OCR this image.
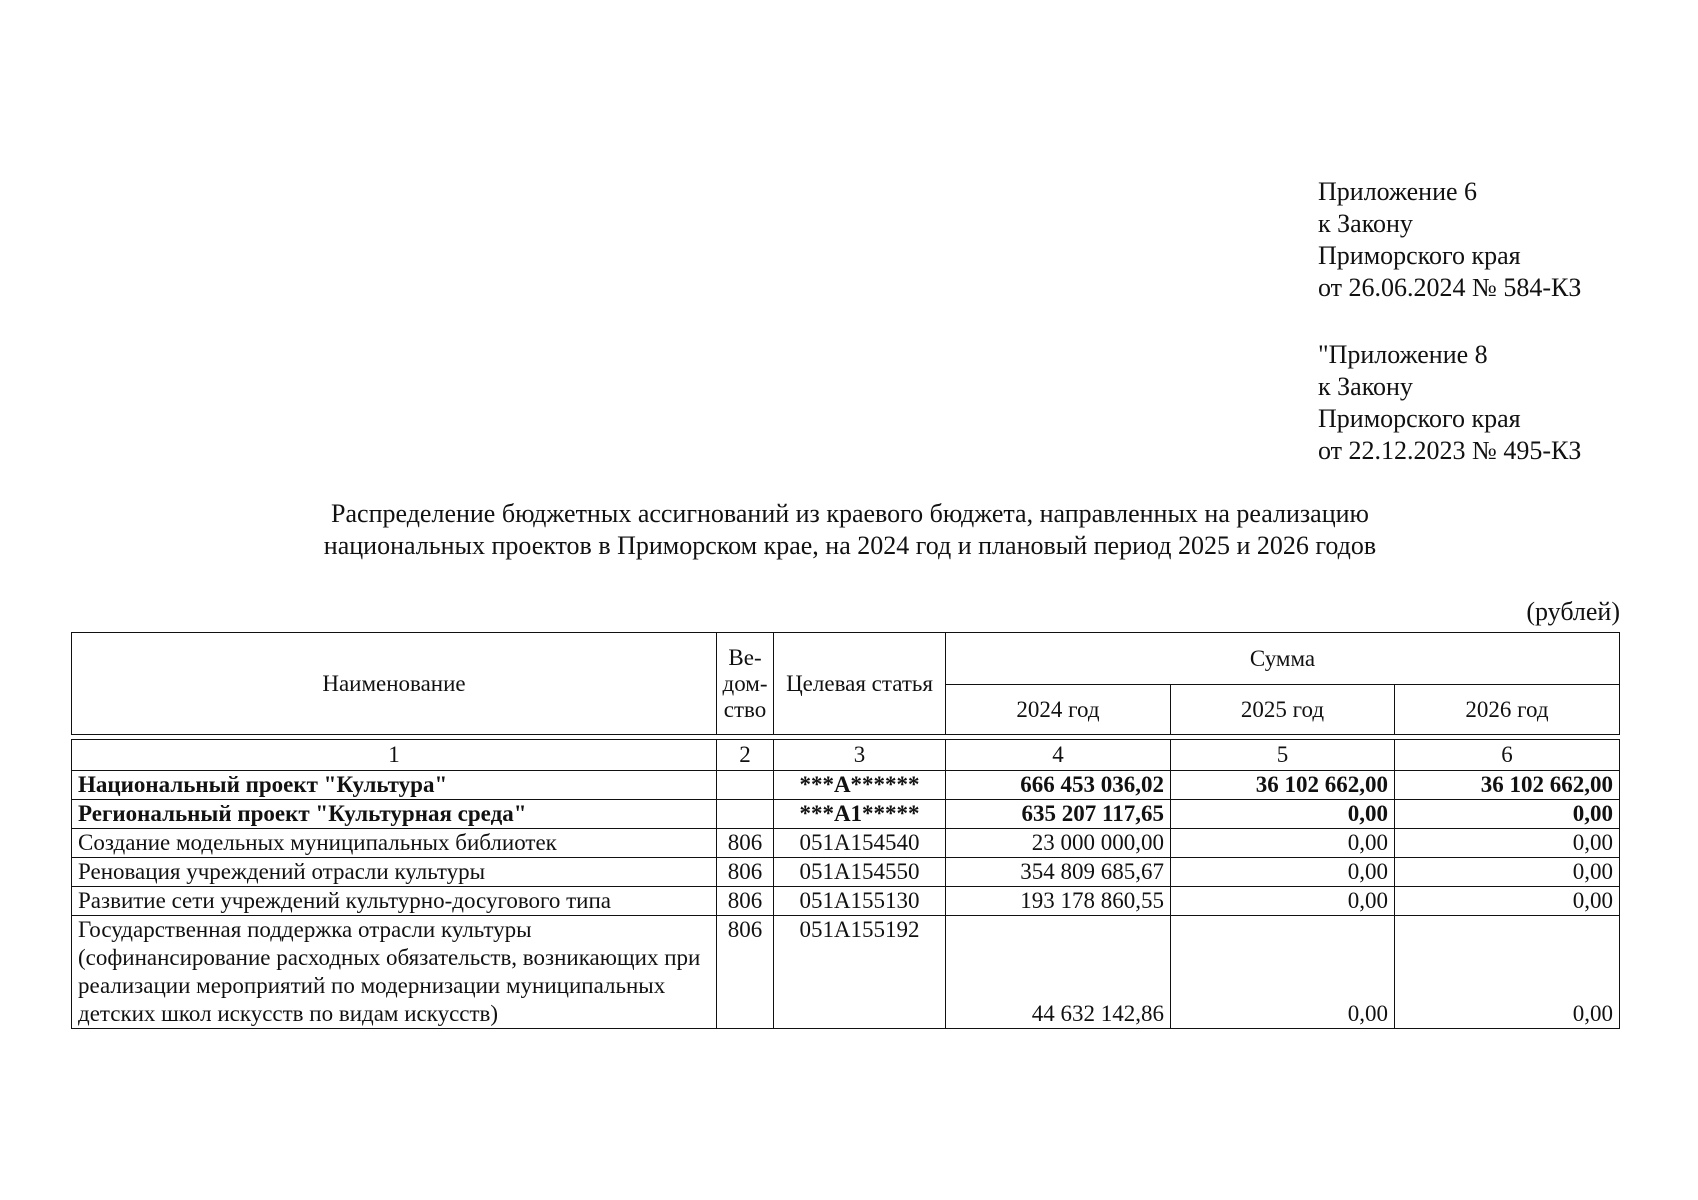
Приложение 6
к Закону
Приморского края
от 26.06.2024 № 584-КЗ
"Приложение 8
к Закону
Приморского края
от 22.12.2023 № 495-КЗ
Распределение бюджетных ассигнований из краевого бюджета, направленных на реализацию
национальных проектов в Приморском крае, на 2024 год и плановый период 2025 и 2026 годов
(рублей)
Наименование	Ве-
дом-
ство	Целевая статья	Сумма		
			2024 год	2025 год	2026 год

1	2	3	4	5	6
Национальный проект "Культура"		***А******	666 453 036,02	36 102 662,00	36 102 662,00
Региональный проект "Культурная среда"		***А1*****	635 207 117,65	0,00	0,00
Создание модельных муниципальных библиотек	806	051А154540	23 000 000,00	0,00	0,00
Реновация учреждений отрасли культуры	806	051А154550	354 809 685,67	0,00	0,00
Развитие сети учреждений культурно-досугового типа	806	051А155130	193 178 860,55	0,00	0,00
Государственная поддержка отрасли культуры (софинансирование расходных обязательств, возникающих при реализации мероприятий по модернизации муниципальных детских школ искусств по видам искусств)	806	051А155192	44 632 142,86	0,00	0,00
